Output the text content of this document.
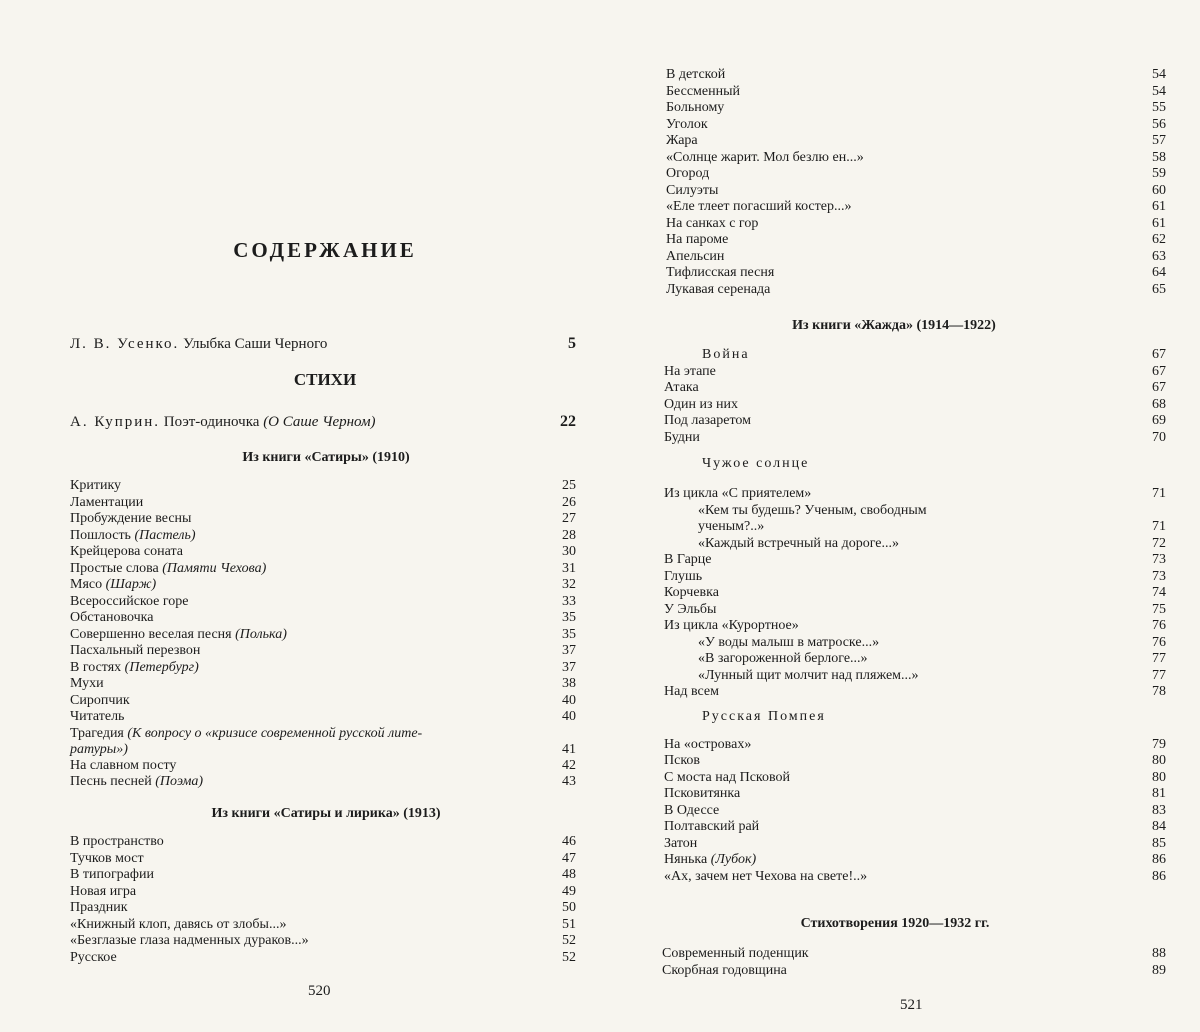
СОДЕРЖАНИЕ
Л. В. Усенко. Улыбка Саши Черного	5
СТИХИ
А. Куприн. Поэт-одиночка (О Саше Черном)	22
Из книги «Сатиры» (1910)
Критику	25
Ламентации	26
Пробуждение весны	27
Пошлость (Пастель)	28
Крейцерова соната	30
Простые слова (Памяти Чехова)	31
Мясо (Шарж)	32
Всероссийское горе	33
Обстановочка	35
Совершенно веселая песня (Полька)	35
Пасхальный перезвон	37
В гостях (Петербург)	37
Мухи	38
Сиропчик	40
Читатель	40
Трагедия (К вопросу о «кризисе современной русской лите-
ратуры»)	41
На славном посту	42
Песнь песней (Поэма)	43
Из книги «Сатиры и лирика» (1913)
В пространство	46
Тучков мост	47
В типографии	48
Новая игра	49
Праздник	50
«Книжный клоп, давясь от злобы...»	51
«Безглазые глаза надменных дураков...»	52
Русское	52
520
В детской	54
Бессменный	54
Больному	55
Уголок	56
Жара	57
«Солнце жарит. Мол безлю ен...»	58
Огород	59
Силуэты	60
«Еле тлеет погасший костер...»	61
На санках с гор	61
На пароме	62
Апельсин	63
Тифлисская песня	64
Лукавая серенада	65
Из книги «Жажда» (1914—1922)
Война	67
На этапе	67
Атака	67
Один из них	68
Под лазаретом	69
Будни	70
Чужое солнце
Из цикла «С приятелем»	71
«Кем ты будешь? Ученым, свободным
ученым?..»	71
«Каждый встречный на дороге...»	72
В Гарце	73
Глушь	73
Корчевка	74
У Эльбы	75
Из цикла «Курортное»	76
«У воды малыш в матроске...»	76
«В загороженной берлоге...»	77
«Лунный щит молчит над пляжем...»	77
Над всем	78
Русская Помпея
На «островах»	79
Псков	80
С моста над Псковой	80
Псковитянка	81
В Одессе	83
Полтавский рай	84
Затон	85
Нянька (Лубок)	86
«Ах, зачем нет Чехова на свете!..»	86
Стихотворения 1920—1932 гг.
Современный поденщик	88
Скорбная годовщина	89
521
